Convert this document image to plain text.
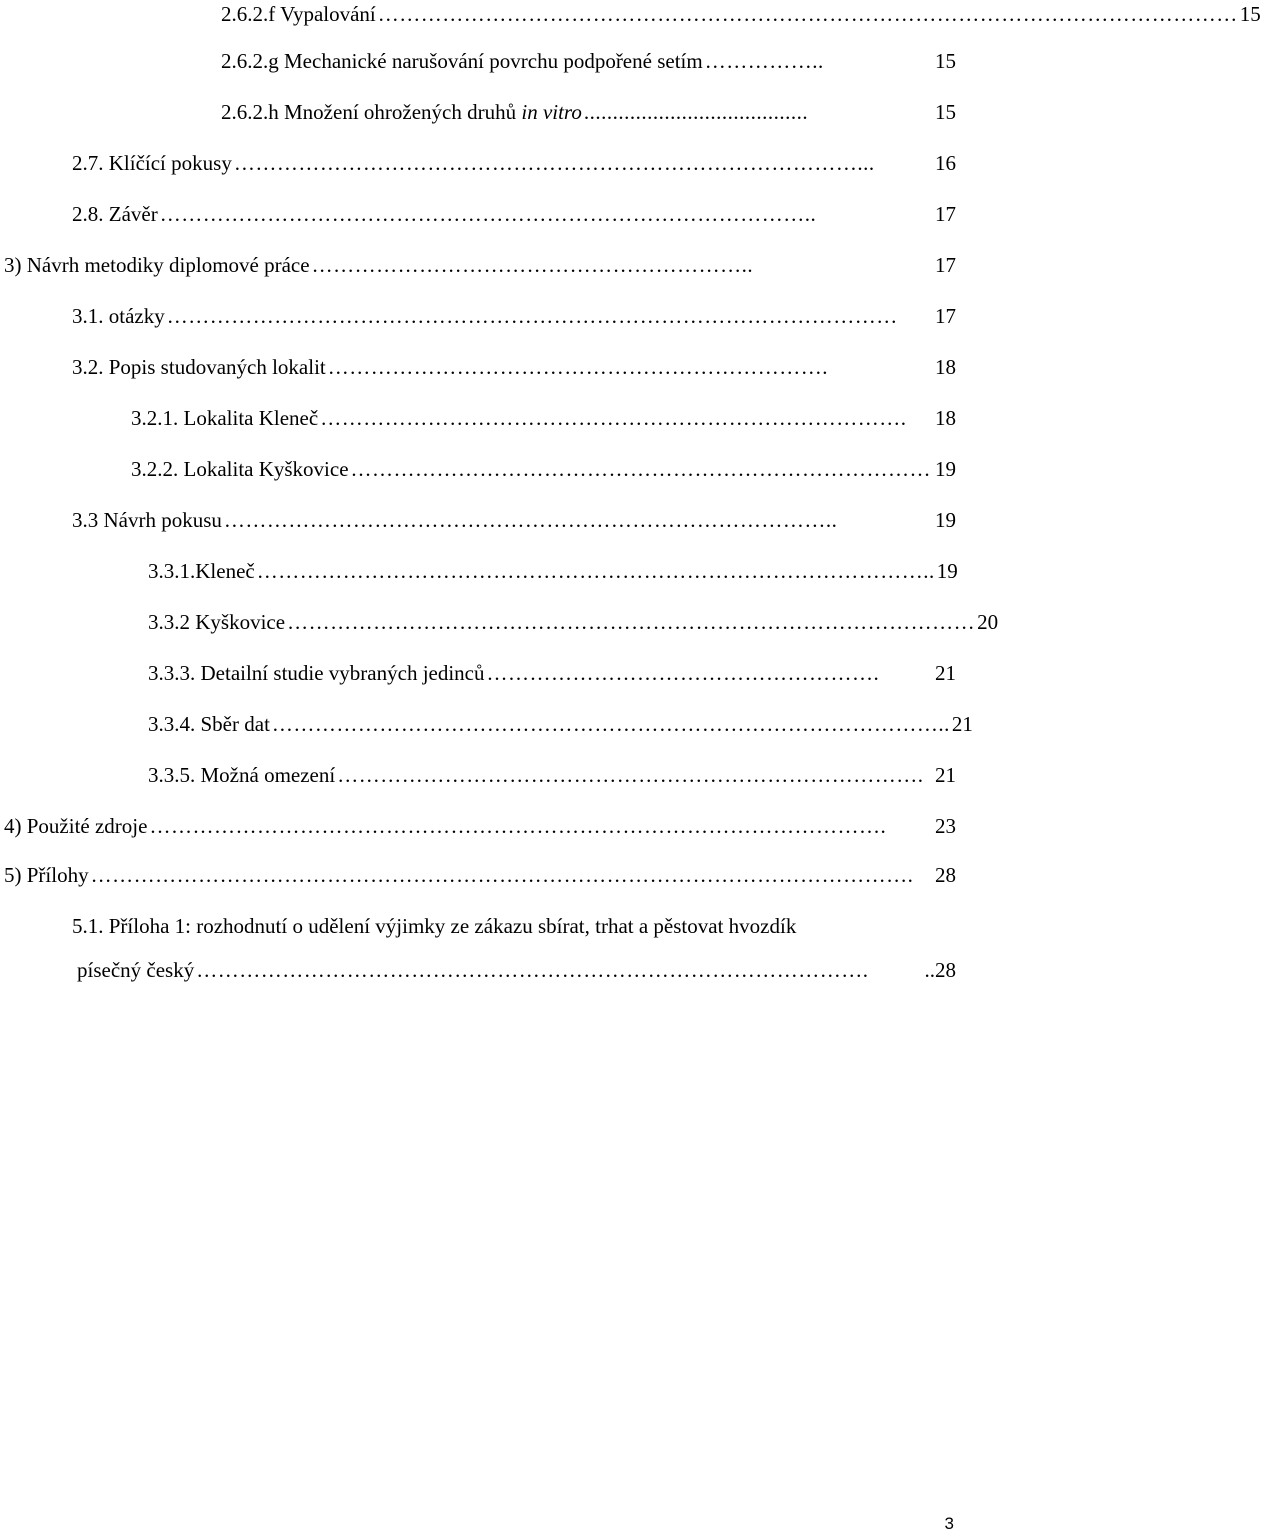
2.6.2.f Vypalování ………………………………………………………………………………………………………… 15
2.6.2.g Mechanické narušování povrchu podpořené setím ……………..	15
2.6.2.h Množení ohrožených druhů in vitro .......................................	15
2.7. Klíčící pokusy ……………………………………………………………………………...	16
2.8. Závěr ………………………………………………………………………………..	17
3) Návrh metodiky diplomové práce ……………………………………………………..	17
3.1. otázky …………………………………………………………………………………………	17
3.2. Popis studovaných lokalit …………………………………………………………….	18
3.2.1. Lokalita Kleneč ……………………………………………………………………….	18
3.2.2. Lokalita Kyškovice ……………………………………………………………………… 19
3.3 Návrh pokusu …………………………………………………………………………..	19
3.3.1.Kleneč ………………………………………………………………………………….. 19
3.3.2 Kyškovice …………………………………………………………………………………… 20
3.3.3. Detailní studie vybraných jedinců ……………………………………………….	21
3.3.4. Sběr dat ………………………………………………………………………………….. 21
3.3.5. Možná omezení ………………………………………………………………………. 21
4) Použité zdroje ………………………………………………………………………………………….	23
5) Přílohy …………………………………………………………………………………………………….	28
5.1. Příloha 1: rozhodnutí o udělení výjimky ze zákazu sbírat, trhat a pěstovat hvozdík
písečný český ………………………………………………………………………………….	..28
3
